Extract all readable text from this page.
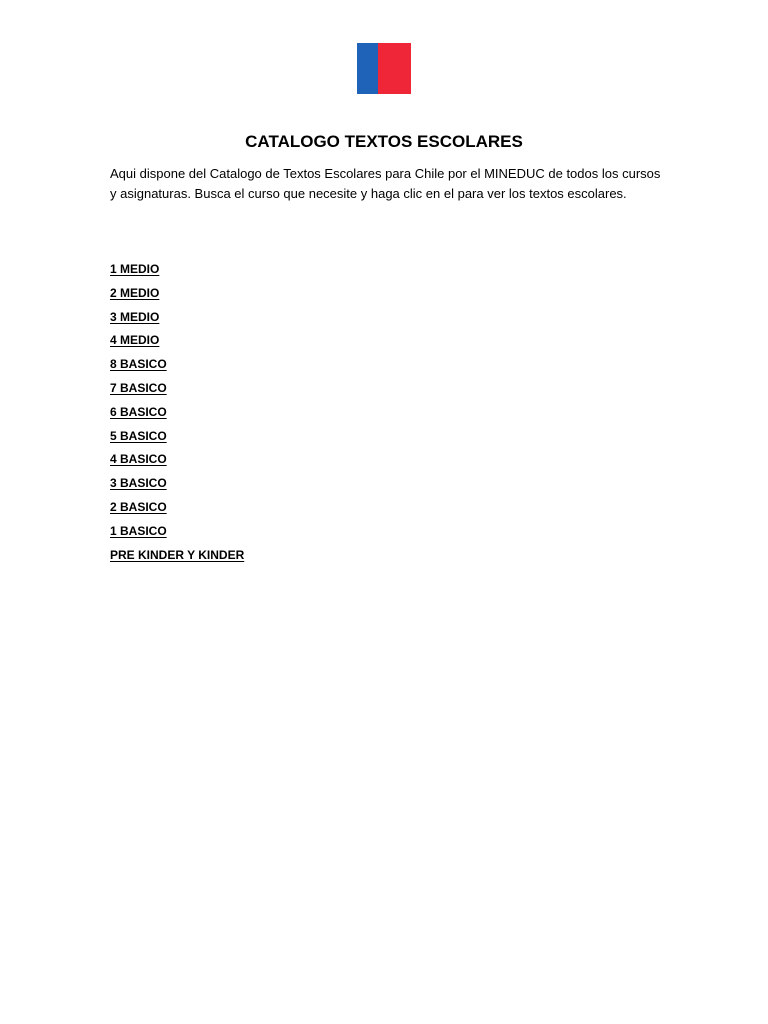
CATALOGO TEXTOS ESCOLARES

Aqui dispone del Catalogo de Textos Escolares para Chile por el MINEDUC de todos los cursos y asignaturas. Busca el curso que necesite y haga clic en el para ver los textos escolares.

1 MEDIO
2 MEDIO
3 MEDIO
4 MEDIO
8 BASICO
7 BASICO
6 BASICO
5 BASICO
4 BASICO
3 BASICO
2 BASICO
1 BASICO
PRE KINDER Y KINDER
